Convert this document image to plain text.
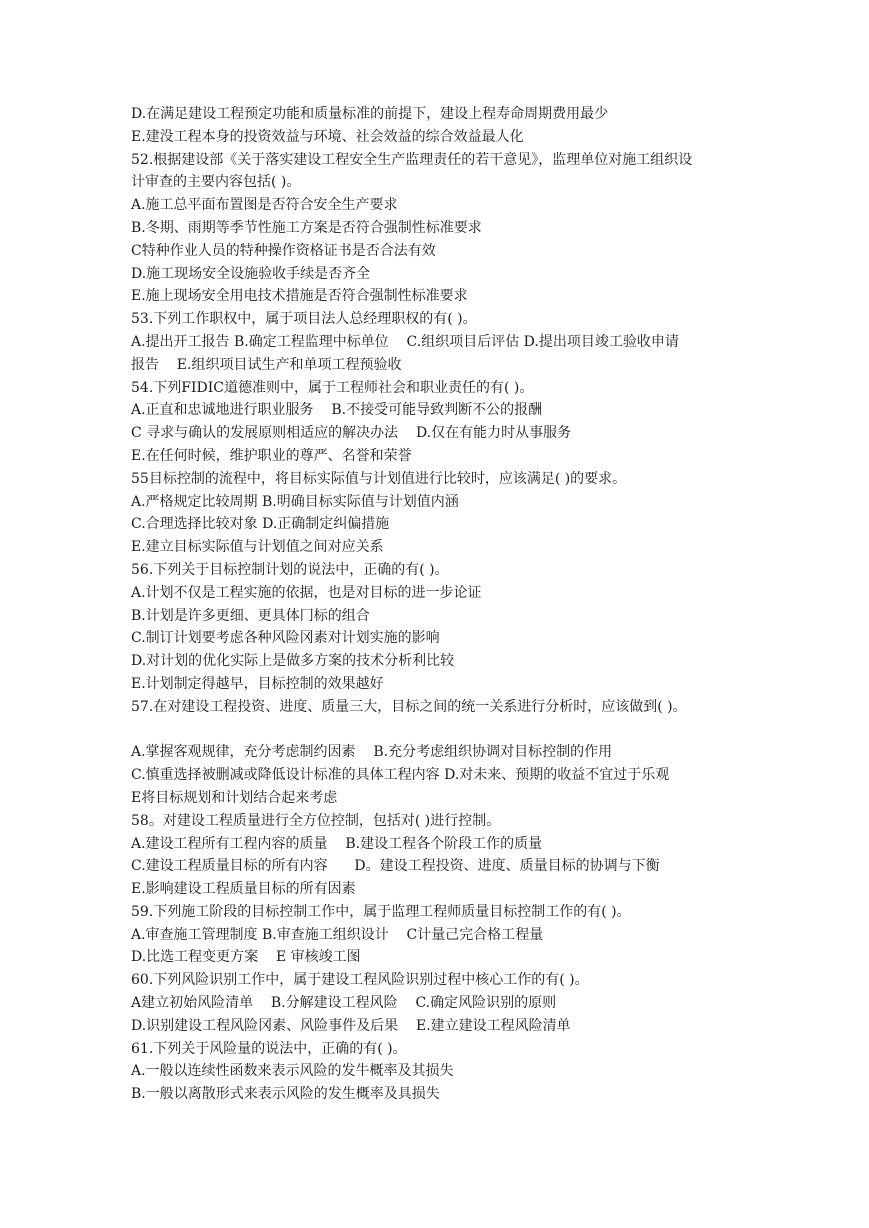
D.在满足建设工程预定功能和质量标准的前提下，建设上程寿命周期费用最少
E.建没工程本身的投资效益与环境、社会效益的综合效益最人化
52.根据建设部《关于落实建设工程安全生产监理责任的若干意见》，监理单位对施工组织设
计审查的主要内容包括( )。
A.施工总平面布置图是否符合安全生产要求
B.冬期、雨期等季节性施工方案是否符合强制性标准要求
C特种作业人员的特种操作资格证书是否合法有效
D.施工现场安全设施验收手续是否齐全
E.施上现场安全用电技术措施是否符合强制性标准要求
53.下列工作职权中，属于项目法人总经理职权的有( )。
A.提出开工报告 B.确定工程监理中标单位    C.组织项目后评估 D.提出项目竣工验收申请
报告    E.组织项目试生产和单项工程预验收
54.下列FIDIC道德准则中，属于工程师社会和职业责任的有( )。
A.正直和忠诚地进行职业服务    B.不接受可能导致判断不公的报酬
C 寻求与确认的发展原则相适应的解决办法    D.仅在有能力时从事服务
E.在任何时候，维护职业的尊严、名誉和荣誉
55目标控制的流程中，将目标实际值与计划值进行比较时，应该满足( )的要求。
A.严格规定比较周期 B.明确目标实际值与计划值内涵
C.合理选择比较对象 D.正确制定纠偏措施
E.建立目标实际值与计划值之间对应关系
56.下列关于目标控制计划的说法中，正确的有( )。
A.计划不仅是工程实施的依据，也是对目标的进一步论证
B.计划是许多更细、更具体冂标的组合
C.制订计划要考虑各种风险冈素对计划实施的影响
D.对计划的优化实际上是做多方案的技术分析利比较
E.计划制定得越早，目标控制的效果越好
57.在对建设工程投资、进度、质量三大，目标之间的统一关系进行分析时，应该做到( )。
A.掌握客观规律，充分考虑制约因素    B.充分考虑组织协调对目标控制的作用
C.慎重选择被删减或降低设计标准的具体工程内容 D.对未来、预期的收益不宜过于乐观
E将目标规划和计划结合起来考虑
58。对建设工程质量进行全方位控制，包括对( )进行控制。
A.建设工程所有工程内容的质量    B.建设工程各个阶段工作的质量
C.建设工程质量目标的所有内容      D。建设工程投资、进度、质量目标的协调与下衡
E.影响建设工程质量目标的所有因素
59.下列施工阶段的目标控制工作中，属于监理工程师质量目标控制工作的有( )。
A.审查施工管理制度 B.审查施工组织设计    C计量己完合格工程量
D.比选工程变更方案    E 审核竣工图
60.下列风险识别工作中，属于建设工程风险识别过程中核心工作的有( )。
A建立初始风险清单    B.分解建设工程风险    C.确定风险识别的原则
D.识别建设工程风险冈素、风险事件及后果    E.建立建设工程风险清单
61.下列关于风险量的说法中，正确的有( )。
A.一般以连续性函数来表示风险的发牛概率及其损失
B.一般以离散形式来表示风险的发生概率及具损失
